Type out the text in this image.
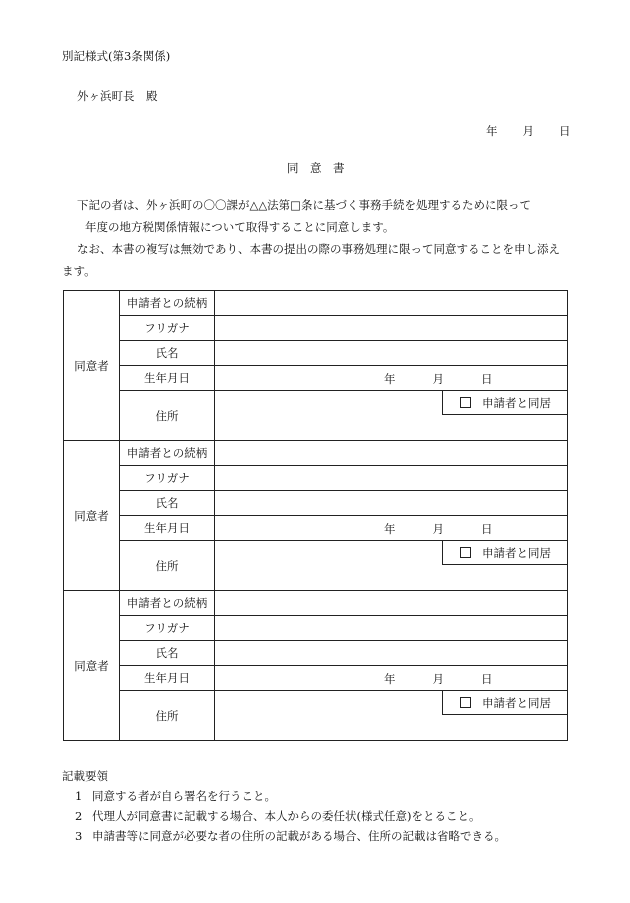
別記様式(第3条関係)
外ヶ浜町長　殿
年 月 日
同　意　書
下記の者は、外ヶ浜町の〇〇課が△△法第□条に基づく事務手続を処理するために限って
年度の地方税関係情報について取得することに同意します。
なお、本書の複写は無効であり、本書の提出の際の事務処理に限って同意することを申し添え
ます。
同意者	申請者との続柄	
	フリガナ	
	氏名	
	生年月日	年 月 日

	住所	申請者と同居

同意者	申請者との続柄	
	フリガナ	
	氏名	
	生年月日	年 月 日

	住所	申請者と同居

同意者	申請者との続柄	
	フリガナ	
	氏名	
	生年月日	年 月 日

	住所	申請者と同居

記載要領
1 同意する者が自ら署名を行うこと。
2 代理人が同意書に記載する場合、本人からの委任状(様式任意)をとること。
3 申請書等に同意が必要な者の住所の記載がある場合、住所の記載は省略できる。
